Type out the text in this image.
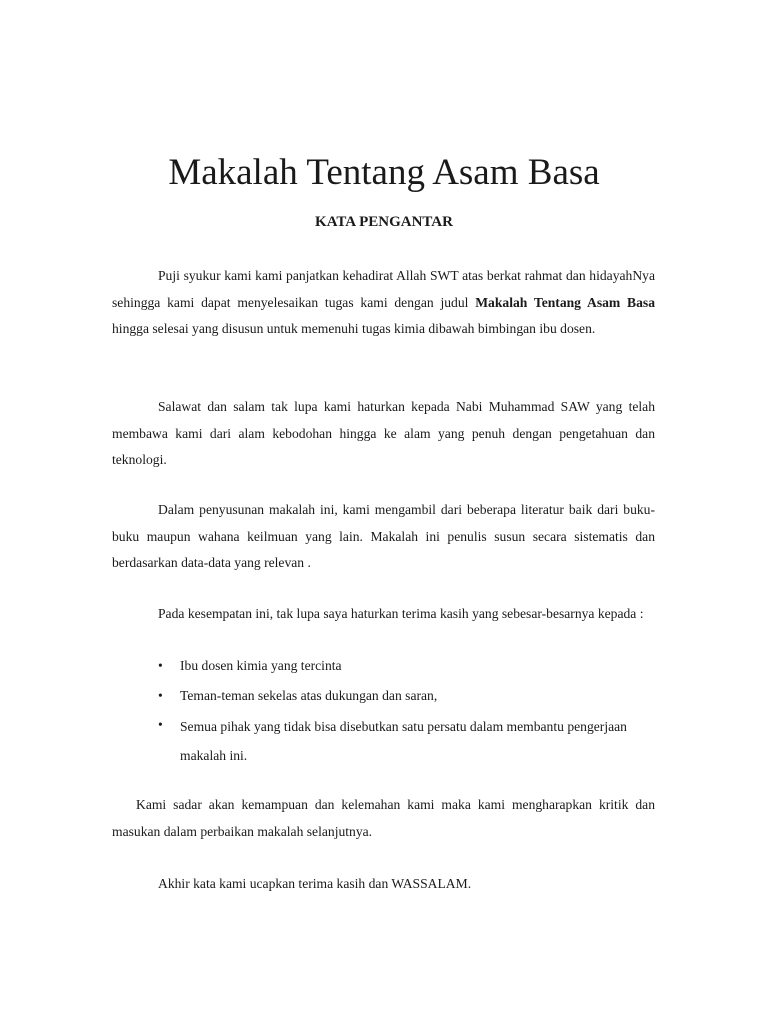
Makalah Tentang Asam Basa
KATA PENGANTAR

Puji syukur kami kami panjatkan kehadirat Allah SWT atas berkat rahmat dan hidayahNya sehingga kami dapat menyelesaikan tugas kami dengan judul Makalah Tentang Asam Basa hingga selesai yang disusun untuk memenuhi tugas kimia dibawah bimbingan ibu dosen.

Salawat dan salam tak lupa kami haturkan kepada Nabi Muhammad SAW yang telah membawa kami dari alam kebodohan hingga ke alam yang penuh dengan pengetahuan dan teknologi.

Dalam penyusunan makalah ini, kami mengambil dari beberapa literatur baik dari buku-buku maupun wahana keilmuan yang lain. Makalah ini penulis susun secara sistematis dan berdasarkan data-data yang relevan .

Pada kesempatan ini, tak lupa saya haturkan terima kasih yang sebesar-besarnya kepada :

• Ibu dosen kimia yang tercinta
• Teman-teman sekelas atas dukungan dan saran,
• Semua pihak yang tidak bisa disebutkan satu persatu dalam membantu pengerjaan makalah ini.

Kami sadar akan kemampuan dan kelemahan kami maka kami mengharapkan kritik dan masukan dalam perbaikan makalah selanjutnya.

Akhir kata kami ucapkan terima kasih dan WASSALAM.
